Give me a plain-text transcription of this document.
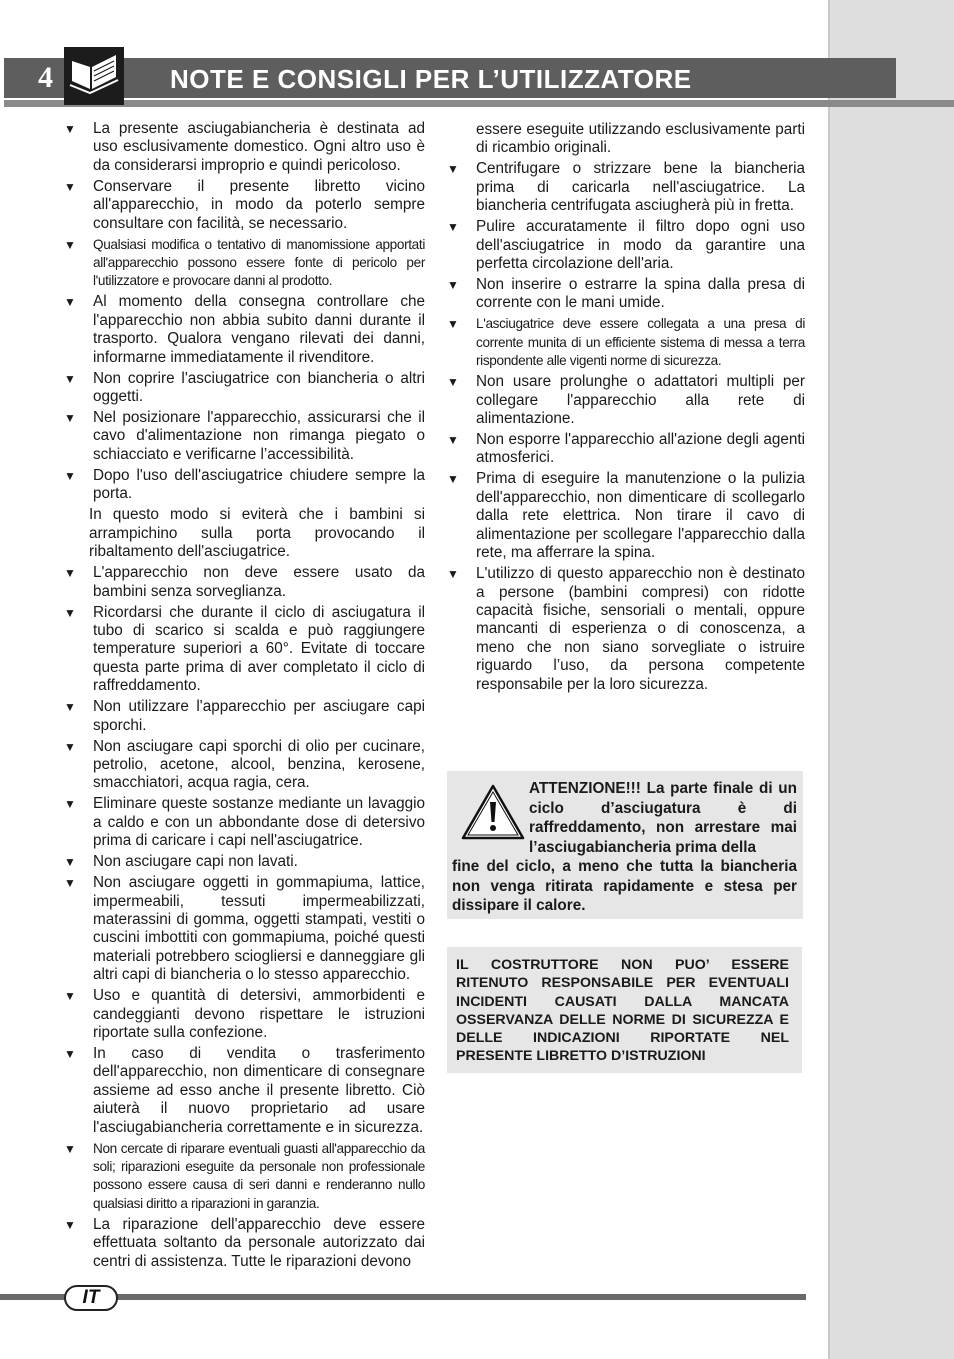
4	NOTE E CONSIGLI PER L’UTILIZZATORE
▼	La presente asciugabiancheria è destinata ad uso esclusivamente domestico. Ogni altro uso è da considerarsi improprio e quindi pericoloso.
▼	Conservare il presente libretto vicino all'apparecchio, in modo da poterlo sempre consultare con facilità, se necessario.
▼	Qualsiasi modifica o tentativo di manomissione apportati all'apparecchio possono essere fonte di pericolo per l'utilizzatore e provocare danni al prodotto.
▼	Al momento della consegna controllare che l'apparecchio non abbia subito danni durante il trasporto. Qualora vengano rilevati dei danni, informarne immediatamente il rivenditore.
▼	Non coprire l'asciugatrice con biancheria o altri oggetti.
▼	Nel posizionare l'apparecchio, assicurarsi che il cavo d'alimentazione non rimanga piegato o schiacciato e verificarne l’accessibilità.
▼	Dopo l'uso dell'asciugatrice chiudere sempre la porta.
In questo modo si eviterà che i bambini si arrampichino sulla porta provocando il ribaltamento dell'asciugatrice.
▼	L'apparecchio non deve essere usato da bambini senza sorveglianza.
▼	Ricordarsi che durante il ciclo di asciugatura il tubo di scarico si scalda e può raggiungere temperature superiori a 60°. Evitate di toccare questa parte prima di aver completato il ciclo di raffreddamento.
▼	Non utilizzare l'apparecchio per asciugare capi sporchi.
▼	Non asciugare capi sporchi di olio per cucinare, petrolio, acetone, alcool, benzina, kerosene, smacchiatori, acqua ragia, cera.
▼	Eliminare queste sostanze mediante un lavaggio a caldo e con un abbondante dose di detersivo prima di caricare i capi nell'asciugatrice.
▼	Non asciugare capi non lavati.
▼	Non asciugare oggetti in gommapiuma, lattice, impermeabili, tessuti impermeabilizzati, materassini di gomma, oggetti stampati, vestiti o cuscini imbottiti con gommapiuma, poiché questi materiali potrebbero sciogliersi e danneggiare gli altri capi di biancheria o lo stesso apparecchio.
▼	Uso e quantità di detersivi, ammorbidenti e candeggianti devono rispettare le istruzioni riportate sulla confezione.
▼	In caso di vendita o trasferimento dell'apparecchio, non dimenticare di consegnare assieme ad esso anche il presente libretto. Ciò aiuterà il nuovo proprietario ad usare l'asciugabiancheria correttamente e in sicurezza.
▼	Non cercate di riparare eventuali guasti all'apparecchio da soli; riparazioni eseguite da personale non professionale possono essere causa di seri danni e renderanno nullo qualsiasi diritto a riparazioni in garanzia.
▼	La riparazione dell'apparecchio deve essere effettuata soltanto da personale autorizzato dai centri di assistenza. Tutte le riparazioni devono
essere eseguite utilizzando esclusivamente parti di ricambio originali.
▼	Centrifugare o strizzare bene la biancheria prima di caricarla nell'asciugatrice. La biancheria centrifugata asciugherà più in fretta.
▼	Pulire accuratamente il filtro dopo ogni uso dell'asciugatrice in modo da garantire una perfetta circolazione dell'aria.
▼	Non inserire o estrarre la spina dalla presa di corrente con le mani umide.
▼	L'asciugatrice deve essere collegata a una presa di corrente munita di un efficiente sistema di messa a terra rispondente alle vigenti norme di sicurezza.
▼	Non usare prolunghe o adattatori multipli per collegare l'apparecchio alla rete di alimentazione.
▼	Non esporre l'apparecchio all'azione degli agenti atmosferici.
▼	Prima di eseguire la manutenzione o la pulizia dell'apparecchio, non dimenticare di scollegarlo dalla rete elettrica. Non tirare il cavo di alimentazione per scollegare l'apparecchio dalla rete, ma afferrare la spina.
▼	L'utilizzo di questo apparecchio non è destinato a persone (bambini compresi) con ridotte capacità fisiche, sensoriali o mentali, oppure mancanti di esperienza o di conoscenza, a meno che non siano sorvegliate o istruire riguardo l’uso, da persona competente responsabile per la loro sicurezza.
ATTENZIONE!!! La parte finale di un ciclo d’asciugatura è di raffreddamento, non arrestare mai l’asciugabiancheria prima della
fine del ciclo, a meno che tutta la biancheria non venga ritirata rapidamente e stesa per dissipare il calore.
IL COSTRUTTORE NON PUO’ ESSERE RITENUTO RESPONSABILE PER EVENTUALI INCIDENTI CAUSATI DALLA MANCATA OSSERVANZA DELLE NORME DI SICUREZZA E DELLE INDICAZIONI RIPORTATE NEL PRESENTE LIBRETTO D’ISTRUZIONI
IT
